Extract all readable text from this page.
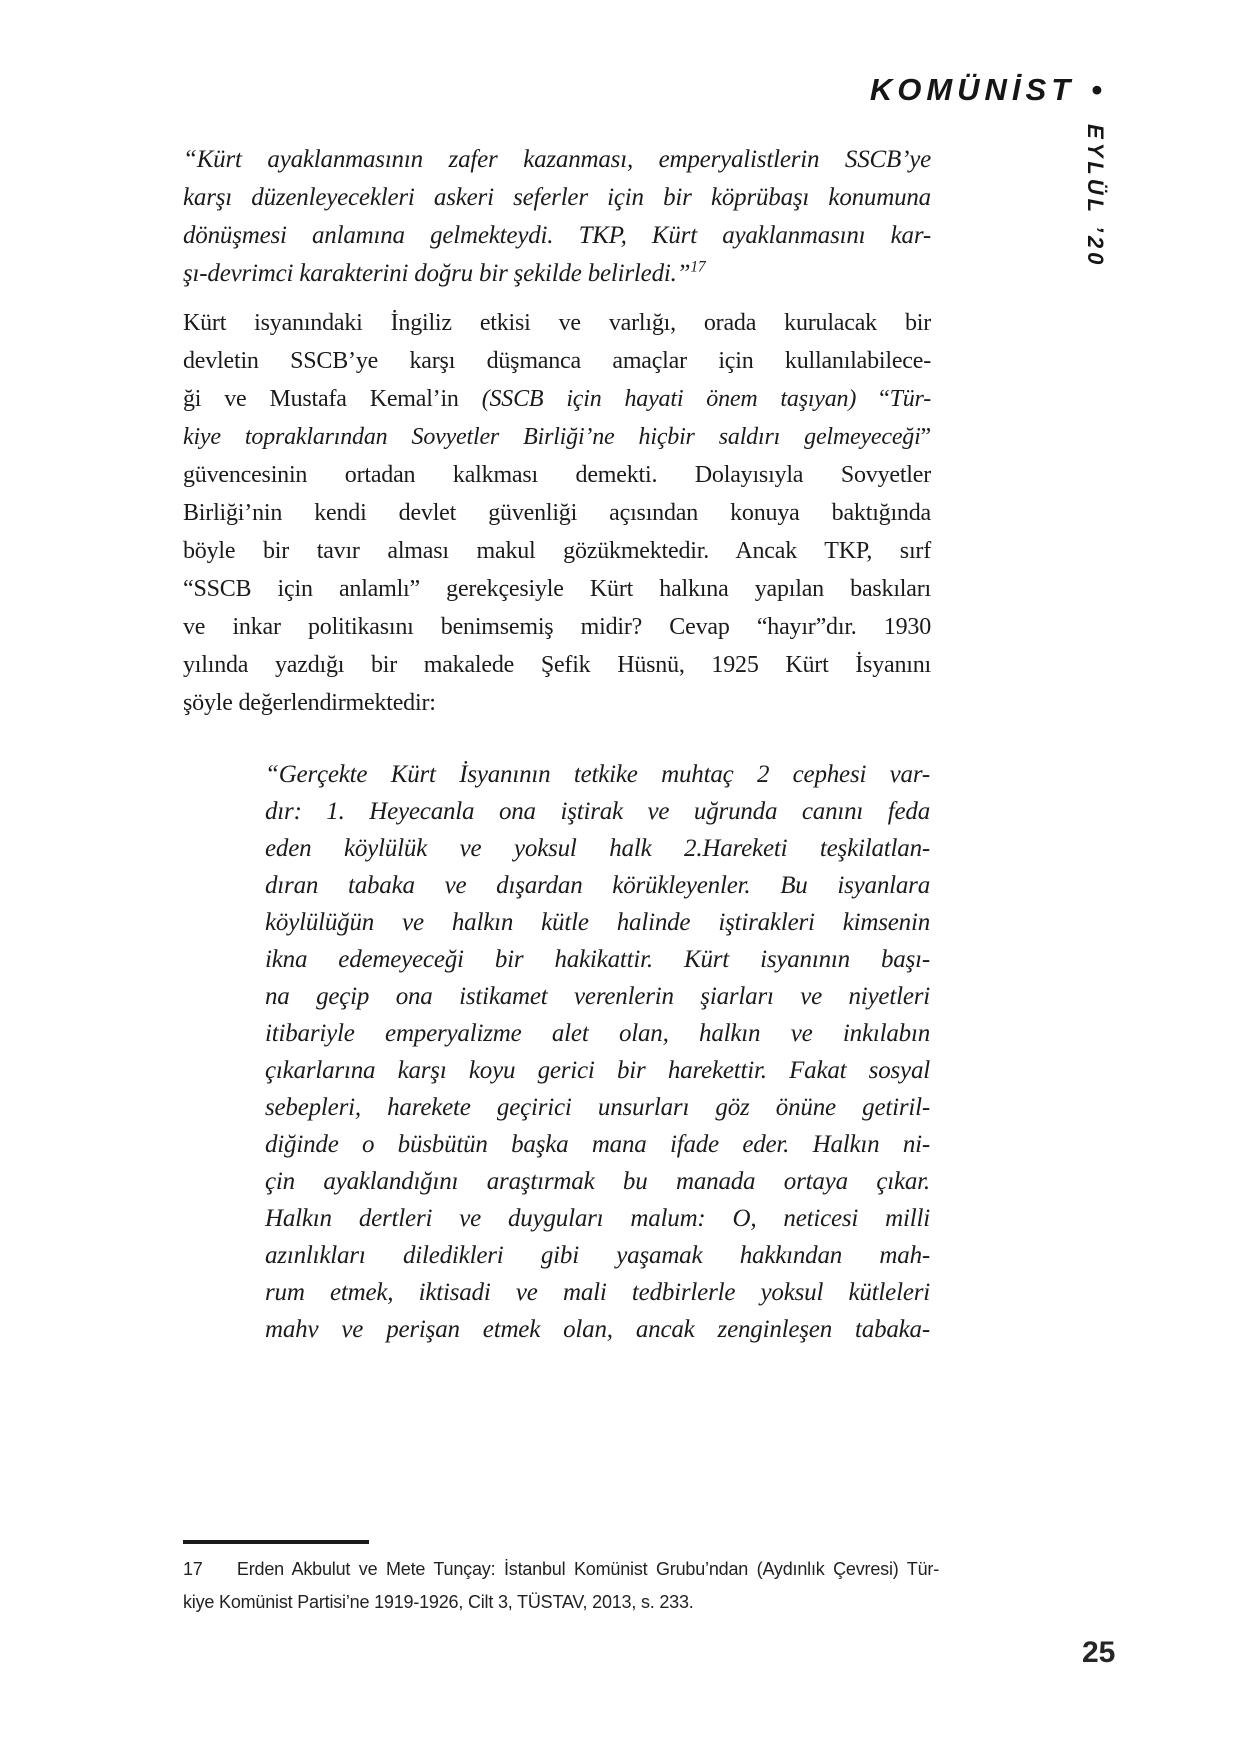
KOMÜNİST •
EYLÜL ’20
“Kürt ayaklanmasının zafer kazanması, emperyalistlerin SSCB’ye
karşı düzenleyecekleri askeri seferler için bir köprübaşı konumuna
dönüşmesi anlamına gelmekteydi. TKP, Kürt ayaklanmasını kar-
şı-devrimci karakterini doğru bir şekilde belirledi.”$^{17}$
Kürt isyanındaki İngiliz etkisi ve varlığı, orada kurulacak bir
devletin SSCB’ye karşı düşmanca amaçlar için kullanılabilece-
ği ve Mustafa Kemal’in (SSCB için hayati önem taşıyan) “Tür-
kiye topraklarından Sovyetler Birliği’ne hiçbir saldırı gelmeyeceği”
güvencesinin ortadan kalkması demekti. Dolayısıyla Sovyetler
Birliği’nin kendi devlet güvenliği açısından konuya baktığında
böyle bir tavır alması makul gözükmektedir. Ancak TKP, sırf
“SSCB için anlamlı” gerekçesiyle Kürt halkına yapılan baskıları
ve inkar politikasını benimsemiş midir? Cevap “hayır”dır. 1930
yılında yazdığı bir makalede Şefik Hüsnü, 1925 Kürt İsyanını
şöyle değerlendirmektedir:
“Gerçekte Kürt İsyanının tetkike muhtaç 2 cephesi var-
dır: 1. Heyecanla ona iştirak ve uğrunda canını feda
eden köylülük ve yoksul halk 2.Hareketi teşkilatlan-
dıran tabaka ve dışardan körükleyenler. Bu isyanlara
köylülüğün ve halkın kütle halinde iştirakleri kimsenin
ikna edemeyeceği bir hakikattir. Kürt isyanının başı-
na geçip ona istikamet verenlerin şiarları ve niyetleri
itibariyle emperyalizme alet olan, halkın ve inkılabın
çıkarlarına karşı koyu gerici bir harekettir. Fakat sosyal
sebepleri, harekete geçirici unsurları göz önüne getiril-
diğinde o büsbütün başka mana ifade eder. Halkın ni-
çin ayaklandığını araştırmak bu manada ortaya çıkar.
Halkın dertleri ve duyguları malum: O, neticesi milli
azınlıkları diledikleri gibi yaşamak hakkından mah-
rum etmek, iktisadi ve mali tedbirlerle yoksul kütleleri
mahv ve perişan etmek olan, ancak zenginleşen tabaka-
17    Erden Akbulut ve Mete Tunçay: İstanbul Komünist Grubu’ndan (Aydınlık Çevresi) Tür-
kiye Komünist Partisi’ne 1919-1926, Cilt 3, TÜSTAV, 2013, s. 233.
25
